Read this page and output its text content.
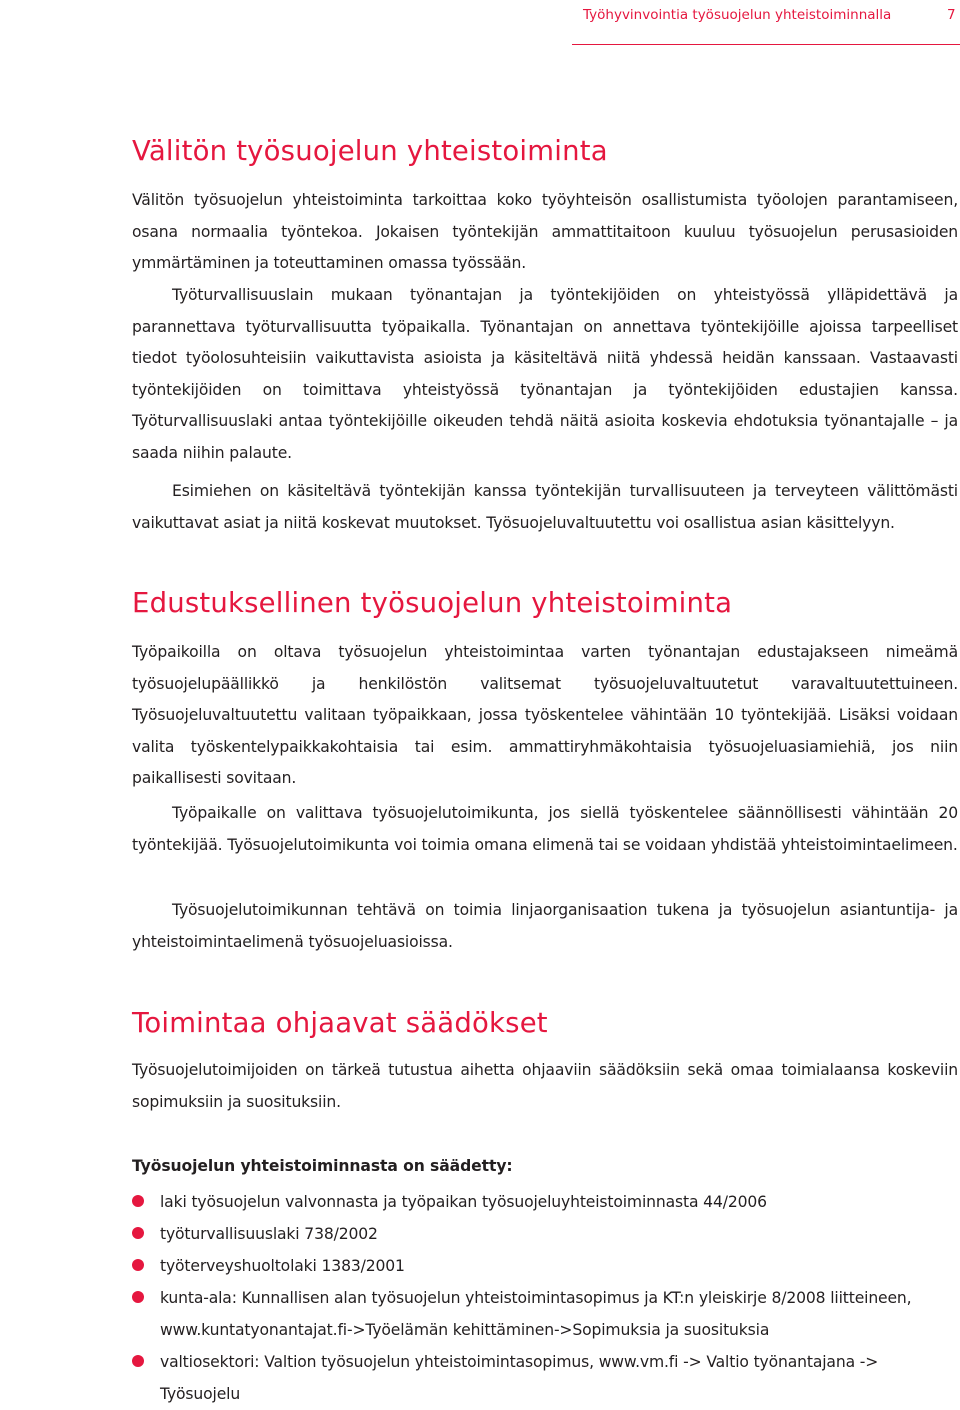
Työhyvinvointia työsuojelun yhteistoiminnalla	7
Välitön työsuojelun yhteistoiminta

Välitön työsuojelun yhteistoiminta tarkoittaa koko työyhteisön osallistumista työolojen parantamiseen, osana normaalia työntekoa. Jokaisen työntekijän ammattitaitoon kuuluu työsuojelun perusasioiden ymmärtäminen ja toteuttaminen omassa työssään.

Työturvallisuuslain mukaan työnantajan ja työntekijöiden on yhteistyössä ylläpidettävä ja parannettava työturvallisuutta työpaikalla. Työnantajan on annettava työntekijöille ajoissa tarpeelliset tiedot työolosuhteisiin vaikuttavista asioista ja käsiteltävä niitä yhdessä heidän kanssaan. Vastaavasti työntekijöiden on toimittava yhteistyössä työnantajan ja työntekijöiden edustajien kanssa. Työturvallisuuslaki antaa työntekijöille oikeuden tehdä näitä asioita koskevia ehdotuksia työnantajalle – ja saada niihin palaute.

Esimiehen on käsiteltävä työntekijän kanssa työntekijän turvallisuuteen ja terveyteen välittömästi vaikuttavat asiat ja niitä koskevat muutokset. Työsuojeluvaltuutettu voi osallistua asian käsittelyyn.

Edustuksellinen työsuojelun yhteistoiminta

Työpaikoilla on oltava työsuojelun yhteistoimintaa varten työnantajan edustajakseen nimeämä työsuojelupäällikkö ja henkilöstön valitsemat työsuojeluvaltuutetut varavaltuutettuineen. Työsuojeluvaltuutettu valitaan työpaikkaan, jossa työskentelee vähintään 10 työntekijää. Lisäksi voidaan valita työskentelypaikkakohtaisia tai esim. ammattiryhmäkohtaisia työsuojeluasiamiehiä, jos niin paikallisesti sovitaan.

Työpaikalle on valittava työsuojelutoimikunta, jos siellä työskentelee säännöllisesti vähintään 20 työntekijää. Työsuojelutoimikunta voi toimia omana elimenä tai se voidaan yhdistää yhteistoimintaelimeen.

Työsuojelutoimikunnan tehtävä on toimia linjaorganisaation tukena ja työsuojelun asiantuntija- ja yhteistoimintaelimenä työsuojeluasioissa.

Toimintaa ohjaavat säädökset

Työsuojelutoimijoiden on tärkeä tutustua aihetta ohjaaviin säädöksiin sekä omaa toimialaansa koskeviin sopimuksiin ja suosituksiin.

Työsuojelun yhteistoiminnasta on säädetty:

laki työsuojelun valvonnasta ja työpaikan työsuojeluyhteistoiminnasta 44/2006
työturvallisuuslaki 738/2002
työterveyshuoltolaki 1383/2001
kunta-ala: Kunnallisen alan työsuojelun yhteistoimintasopimus ja KT:n yleiskirje 8/2008 liitteineen, www.kuntatyonantajat.fi->Työelämän kehittäminen->Sopimuksia ja suosituksia
valtiosektori: Valtion työsuojelun yhteistoimintasopimus, www.vm.fi -> Valtio työnantajana -> Työsuojelu
